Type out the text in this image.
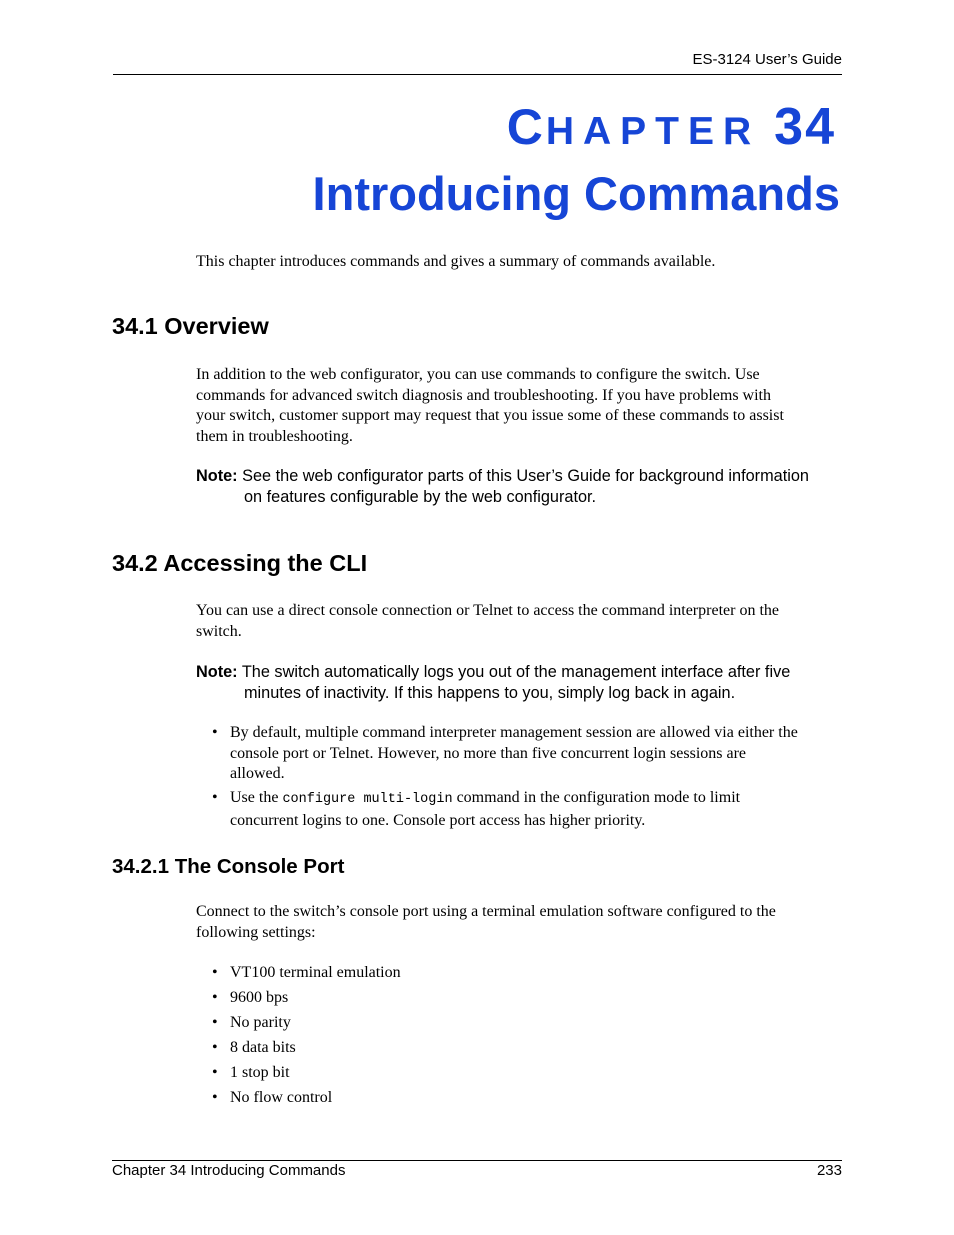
ES-3124 User’s Guide
CHAPTER 34
Introducing Commands
This chapter introduces commands and gives a summary of commands available.
34.1 Overview
In addition to the web configurator, you can use commands to configure the switch. Use
commands for advanced switch diagnosis and troubleshooting. If you have problems with
your switch, customer support may request that you issue some of these commands to assist
them in troubleshooting.
Note: See the web configurator parts of this User’s Guide for background information
on features configurable by the web configurator.
34.2 Accessing the CLI
You can use a direct console connection or Telnet to access the command interpreter on the
switch.
Note: The switch automatically logs you out of the management interface after five
minutes of inactivity. If this happens to you, simply log back in again.
• By default, multiple command interpreter management session are allowed via either the
console port or Telnet. However, no more than five concurrent login sessions are
allowed.
• Use the configure multi-login command in the configuration mode to limit
concurrent logins to one. Console port access has higher priority.
34.2.1 The Console Port
Connect to the switch’s console port using a terminal emulation software configured to the
following settings:
• VT100 terminal emulation
• 9600 bps
• No parity
• 8 data bits
• 1 stop bit
• No flow control
Chapter 34 Introducing Commands	233
